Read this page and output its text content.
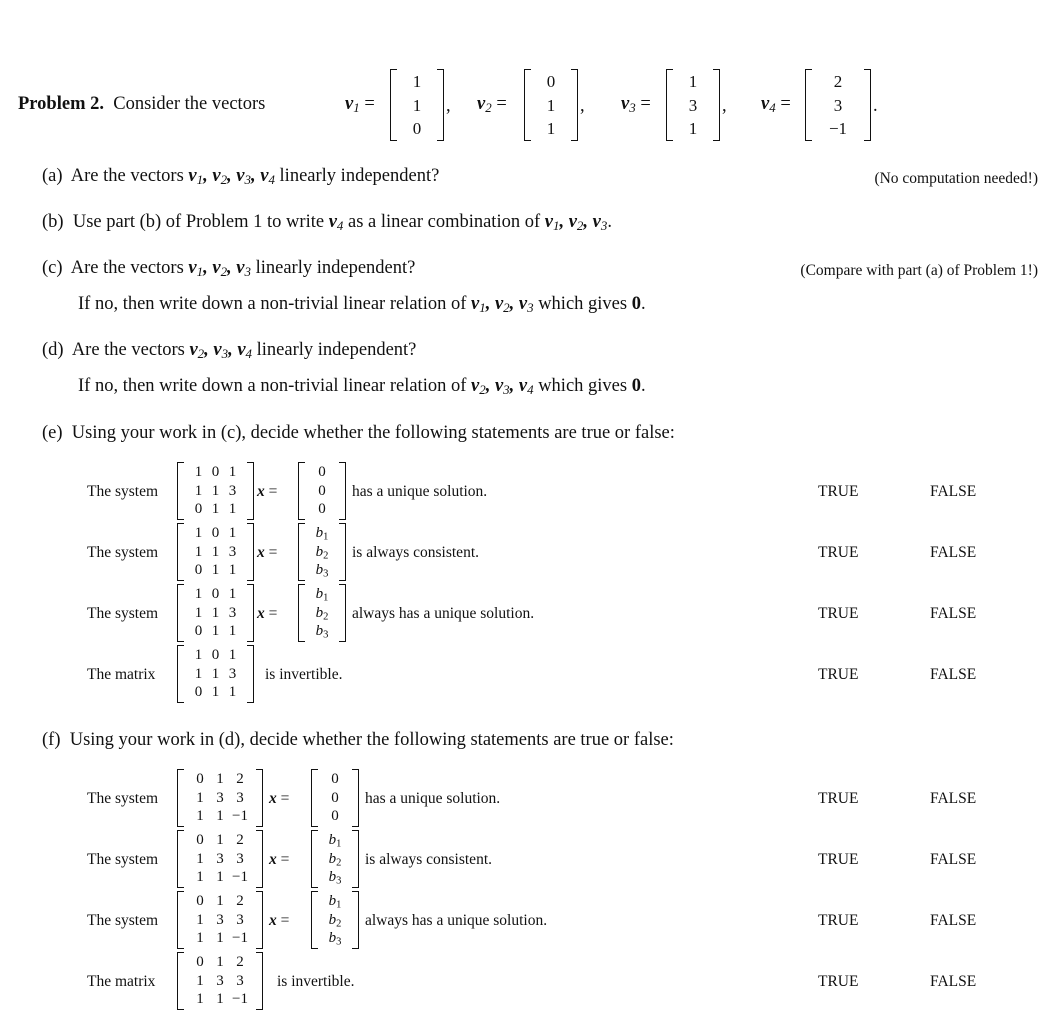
Problem 2. Consider the vectors	$v_1$ =
1
1
0
, $v_2$ =
0
1
1
, $v_3$ =
1
3
1
, $v_4$ =
2
3
−1
.
(a) Are the vectors $v_1$, $v_2$, $v_3$, $v_4$ linearly independent?	(No computation needed!)
(b) Use part (b) of Problem 1 to write $v_4$ as a linear combination of $v_1$, $v_2$, $v_3$.
(c) Are the vectors $v_1$, $v_2$, $v_3$ linearly independent?	(Compare with part (a) of Problem 1!)
If no, then write down a non-trivial linear relation of $v_1$, $v_2$, $v_3$ which gives 0.
(d) Are the vectors $v_2$, $v_3$, $v_4$ linearly independent?
If no, then write down a non-trivial linear relation of $v_2$, $v_3$, $v_4$ which gives 0.
(e) Using your work in (c), decide whether the following statements are true or false:
(f) Using your work in (d), decide whether the following statements are true or false:
The system
1 0 1
1 1 3
0 1 1
x =
0
0
0
has a unique solution.	TRUE	FALSE
The system
1 0 1
1 1 3
0 1 1
x =
$b_1$
$b_2$
$b_3$
is always consistent.	TRUE	FALSE
The system
1 0 1
1 1 3
0 1 1
x =
$b_1$
$b_2$
$b_3$
always has a unique solution.	TRUE	FALSE
The matrix
1 0 1
1 1 3
0 1 1
is invertible.	TRUE	FALSE
The system
0 1 2
1 3 3
1 1 −1
x =
0
0
0
has a unique solution.	TRUE	FALSE
The system
0 1 2
1 3 3
1 1 −1
x =
$b_1$
$b_2$
$b_3$
is always consistent.	TRUE	FALSE
The system
0 1 2
1 3 3
1 1 −1
x =
$b_1$
$b_2$
$b_3$
always has a unique solution.	TRUE	FALSE
The matrix
0 1 2
1 3 3
1 1 −1
is invertible.	TRUE	FALSE
